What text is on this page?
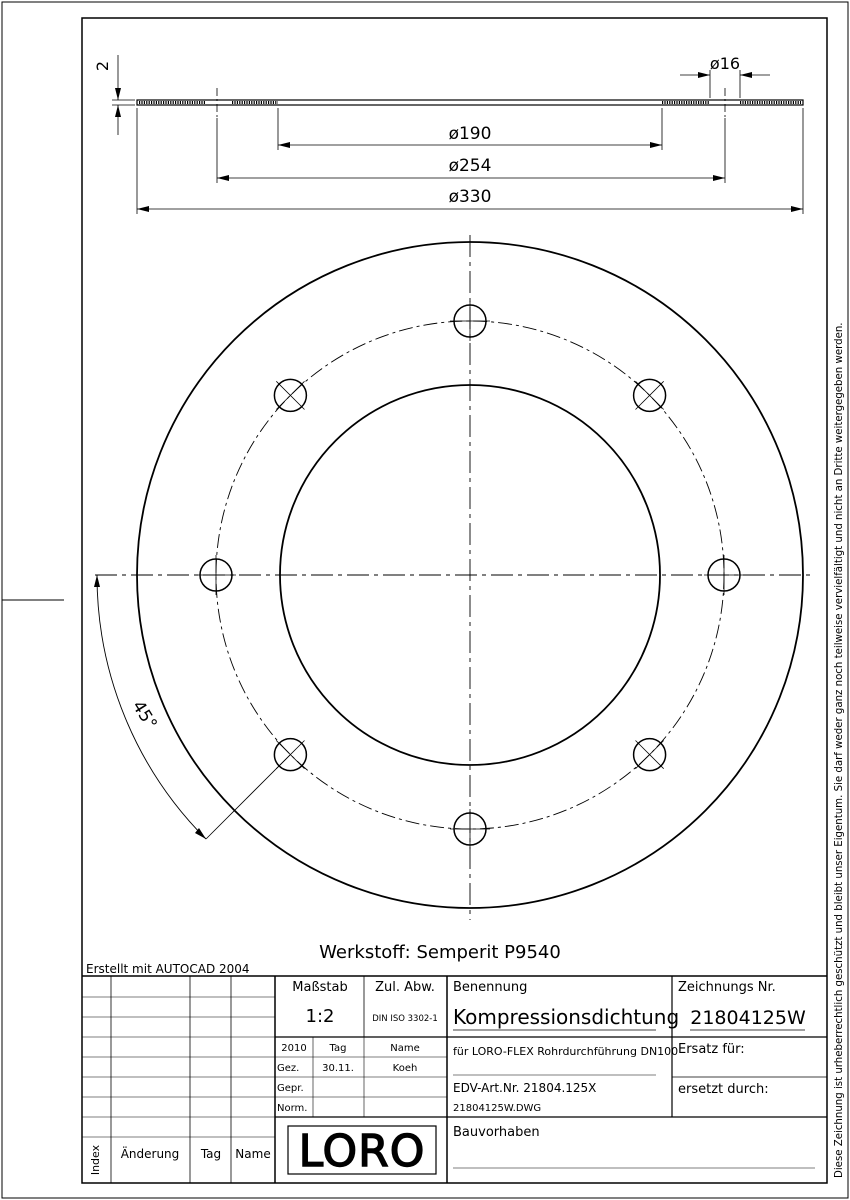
2	ø16
ø190
ø254
ø330
45°
Werkstoff: Semperit P9540
Erstellt mit AUTOCAD 2004
Index Änderung Tag Name
Maßstab
1:2
Zul. Abw.
DIN ISO 3302-1
2010 Tag	Name
Gez. 30.11.	Koeh
Gepr.
Norm.
Benennung
Kompressionsdichtung
für LORO-FLEX Rohrdurchführung DN100
EDV-Art.Nr. 21804.125X
21804125W.DWG
Bauvorhaben
Zeichnungs Nr.
21804125W
Ersatz für:
ersetzt durch:
LORO	Diese Zeichnung ist urheberrechtlich geschützt und bleibt unser Eigentum. Sie darf weder ganz noch teilweise vervielfältigt und nicht an Dritte weitergegeben werden.
